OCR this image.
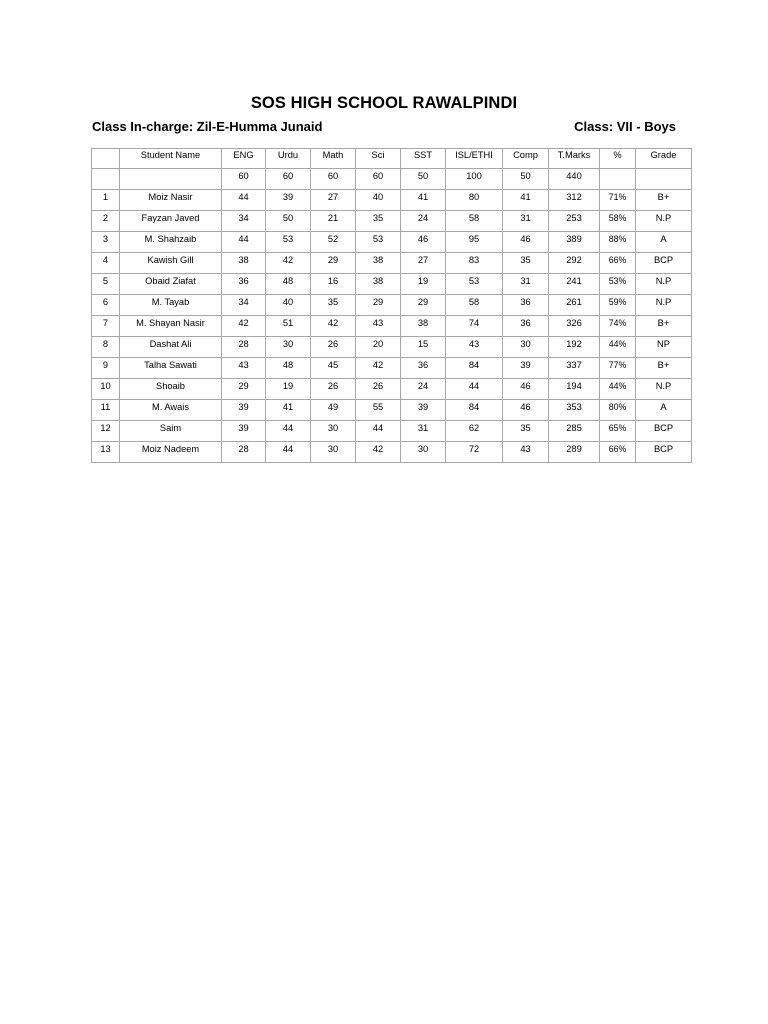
SOS HIGH SCHOOL RAWALPINDI
Class In-charge: Zil-E-Humma Junaid	Class: VII - Boys
	Student Name	ENG	Urdu	Math	Sci	SST	ISL/ETHI	Comp	T.Marks	%	Grade
		60	60	60	60	50	100	50	440		
1	Moiz Nasir	44	39	27	40	41	80	41	312	71%	B+
2	Fayzan Javed	34	50	21	35	24	58	31	253	58%	N.P
3	M. Shahzaib	44	53	52	53	46	95	46	389	88%	A
4	Kawish Gill	38	42	29	38	27	83	35	292	66%	BCP
5	Obaid Ziafat	36	48	16	38	19	53	31	241	53%	N.P
6	M. Tayab	34	40	35	29	29	58	36	261	59%	N.P
7	M. Shayan Nasir	42	51	42	43	38	74	36	326	74%	B+
8	Dashat Ali	28	30	26	20	15	43	30	192	44%	NP
9	Talha Sawati	43	48	45	42	36	84	39	337	77%	B+
10	Shoaib	29	19	26	26	24	44	46	194	44%	N.P
11	M. Awais	39	41	49	55	39	84	46	353	80%	A
12	Saim	39	44	30	44	31	62	35	285	65%	BCP
13	Moiz Nadeem	28	44	30	42	30	72	43	289	66%	BCP
